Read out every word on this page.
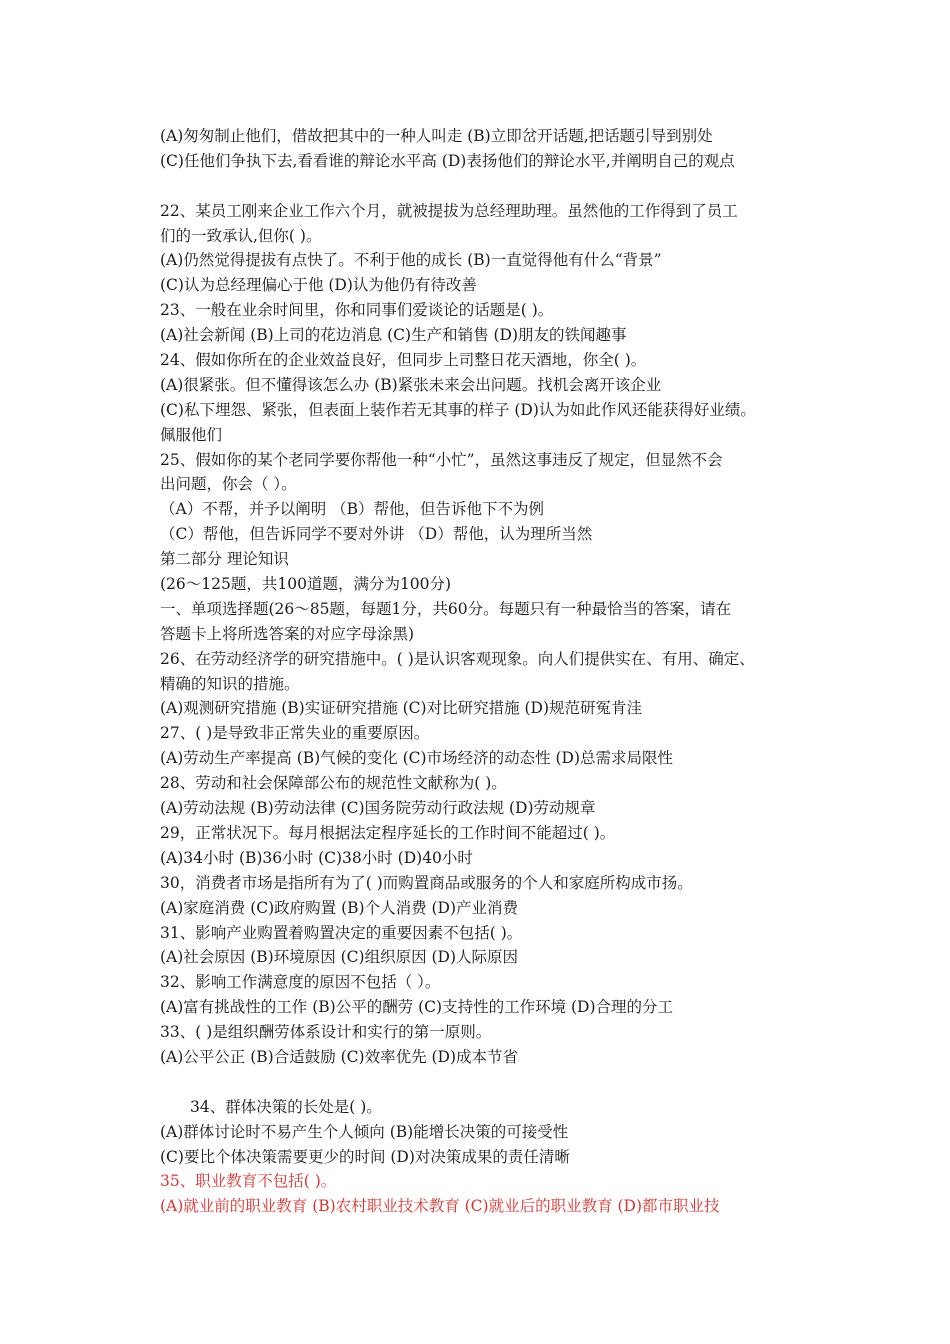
(A)匆匆制止他们，借故把其中的一种人叫走 (B)立即岔开话题,把话题引导到别处
(C)任他们争执下去,看看谁的辩论水平高 (D)表扬他们的辩论水平,并阐明自己的观点
22、某员工刚来企业工作六个月，就被提拔为总经理助理。虽然他的工作得到了员工
们的一致承认,但你( )。
(A)仍然觉得提拔有点快了。不利于他的成长 (B)一直觉得他有什么“背景”
(C)认为总经理偏心于他 (D)认为他仍有待改善
23、一般在业余时间里，你和同事们爱谈论的话题是( )。
(A)社会新闻 (B)上司的花边消息 (C)生产和销售 (D)朋友的铁闻趣事
24、假如你所在的企业效益良好，但同步上司整日花天酒地，你全( )。
(A)很紧张。但不懂得该怎么办 (B)紧张未来会出问题。找机会离开该企业
(C)私下埋怨、紧张，但表面上装作若无其事的样子 (D)认为如此作风还能获得好业绩。
佩服他们
25、假如你的某个老同学要你帮他一种“小忙”，虽然这事违反了规定，但显然不会
出问题，你会（ ）。
（A）不帮，并予以阐明 （B）帮他，但告诉他下不为例
（C）帮他，但告诉同学不要对外讲 （D）帮他，认为理所当然
第二部分 理论知识
(26～125题，共100道题，满分为100分)
一、单项选择题(26～85题，每题1分，共60分。每题只有一种最恰当的答案，请在
答题卡上将所选答案的对应字母涂黑)
26、在劳动经济学的研究措施中。( )是认识客观现象。向人们提供实在、有用、确定、
精确的知识的措施。
(A)观测研究措施 (B)实证研究措施 (C)对比研究措施 (D)规范研冤肯洼
27、( )是导致非正常失业的重要原因。
(A)劳动生产率提高 (B)气候的变化 (C)市场经济的动态性 (D)总需求局限性
28、劳动和社会保障部公布的规范性文献称为( )。
(A)劳动法规 (B)劳动法律 (C)国务院劳动行政法规 (D)劳动规章
29，正常状况下。每月根据法定程序延长的工作时间不能超过( )。
(A)34小时 (B)36小时 (C)38小时 (D)40小时
30，消费者市场是指所有为了( )而购置商品或服务的个人和家庭所构成市扬。
(A)家庭消费 (C)政府购置 (B)个人消费 (D)产业消费
31、影响产业购置着购置决定的重要因素不包括( )。
(A)社会原因 (B)环境原因 (C)组织原因 (D)人际原因
32、影响工作满意度的原因不包括（ ）。
(A)富有挑战性的工作 (B)公平的酬劳 (C)支持性的工作环境 (D)合理的分工
33、( )是组织酬劳体系设计和实行的第一原则。
(A)公平公正 (B)合适鼓励 (C)效率优先 (D)成本节省
34、群体决策的长处是( )。
(A)群体讨论时不易产生个人倾向 (B)能增长决策的可接受性
(C)要比个体决策需要更少的时间 (D)对决策成果的责任清晰
35、职业教育不包括( )。
(A)就业前的职业教育 (B)农村职业技术教育 (C)就业后的职业教育 (D)都市职业技
